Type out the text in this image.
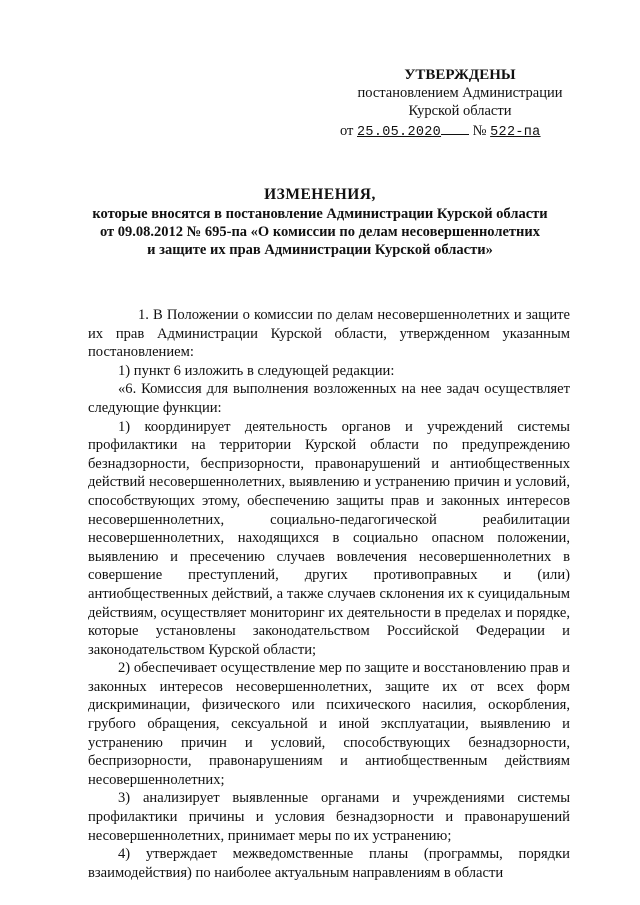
УТВЕРЖДЕНЫ
постановлением Администрации
Курской области
от 25.05.2020 № 522-па
ИЗМЕНЕНИЯ,
которые вносятся в постановление Администрации Курской области
от 09.08.2012 № 695-па «О комиссии по делам несовершеннолетних
и защите их прав Администрации Курской области»

1. В Положении о комиссии по делам несовершеннолетних и защите их прав Администрации Курской области, утвержденном указанным постановлением:

1) пункт 6 изложить в следующей редакции:

«6. Комиссия для выполнения возложенных на нее задач осуществляет следующие функции:

1) координирует деятельность органов и учреждений системы профилактики на территории Курской области по предупреждению безнадзорности, беспризорности, правонарушений и антиобщественных действий несовершеннолетних, выявлению и устранению причин и условий, способствующих этому, обеспечению защиты прав и законных интересов несовершеннолетних, социально-педагогической реабилитации несовершеннолетних, находящихся в социально опасном положении, выявлению и пресечению случаев вовлечения несовершеннолетних в совершение преступлений, других противоправных и (или) антиобщественных действий, а также случаев склонения их к суицидальным действиям, осуществляет мониторинг их деятельности в пределах и порядке, которые установлены законодательством Российской Федерации и законодательством Курской области;

2) обеспечивает осуществление мер по защите и восстановлению прав и законных интересов несовершеннолетних, защите их от всех форм дискриминации, физического или психического насилия, оскорбления, грубого обращения, сексуальной и иной эксплуатации, выявлению и устранению причин и условий, способствующих безнадзорности, беспризорности, правонарушениям и антиобщественным действиям несовершеннолетних;

3) анализирует выявленные органами и учреждениями системы профилактики причины и условия безнадзорности и правонарушений несовершеннолетних, принимает меры по их устранению;

4) утверждает межведомственные планы (программы, порядки взаимодействия) по наиболее актуальным направлениям в области
